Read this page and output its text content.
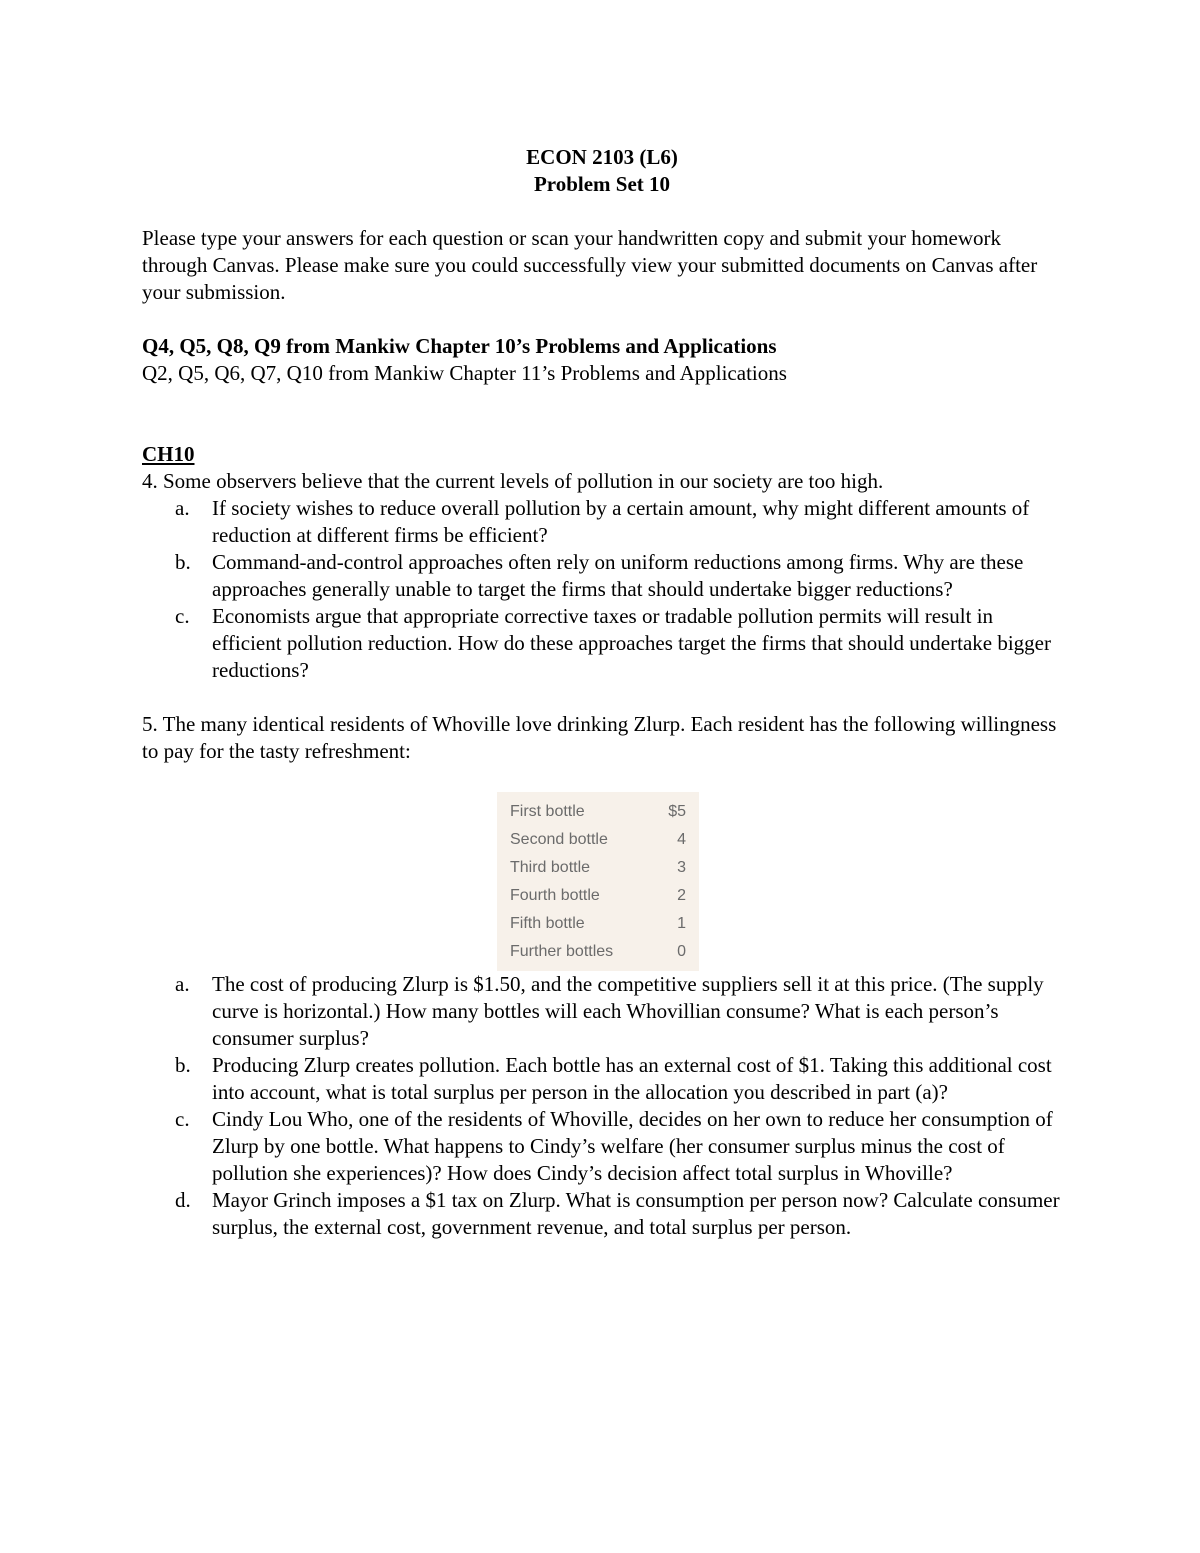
ECON 2103 (L6)
Problem Set 10
Please type your answers for each question or scan your handwritten copy and submit your homework through Canvas. Please make sure you could successfully view your submitted documents on Canvas after your submission.
Q4, Q5, Q8, Q9 from Mankiw Chapter 10’s Problems and Applications
Q2, Q5, Q6, Q7, Q10 from Mankiw Chapter 11’s Problems and Applications
CH10
4. Some observers believe that the current levels of pollution in our society are too high.
a. If society wishes to reduce overall pollution by a certain amount, why might different amounts of reduction at different firms be efficient?
b. Command-and-control approaches often rely on uniform reductions among firms. Why are these approaches generally unable to target the firms that should undertake bigger reductions?
c. Economists argue that appropriate corrective taxes or tradable pollution permits will result in efficient pollution reduction. How do these approaches target the firms that should undertake bigger reductions?
5. The many identical residents of Whoville love drinking Zlurp. Each resident has the following willingness to pay for the tasty refreshment:
First bottle	$5
Second bottle	4
Third bottle	3
Fourth bottle	2
Fifth bottle	1
Further bottles	0
a. The cost of producing Zlurp is $1.50, and the competitive suppliers sell it at this price. (The supply curve is horizontal.) How many bottles will each Whovillian consume? What is each person’s consumer surplus?
b. Producing Zlurp creates pollution. Each bottle has an external cost of $1. Taking this additional cost into account, what is total surplus per person in the allocation you described in part (a)?
c. Cindy Lou Who, one of the residents of Whoville, decides on her own to reduce her consumption of Zlurp by one bottle. What happens to Cindy’s welfare (her consumer surplus minus the cost of pollution she experiences)? How does Cindy’s decision affect total surplus in Whoville?
d. Mayor Grinch imposes a $1 tax on Zlurp. What is consumption per person now? Calculate consumer surplus, the external cost, government revenue, and total surplus per person.
